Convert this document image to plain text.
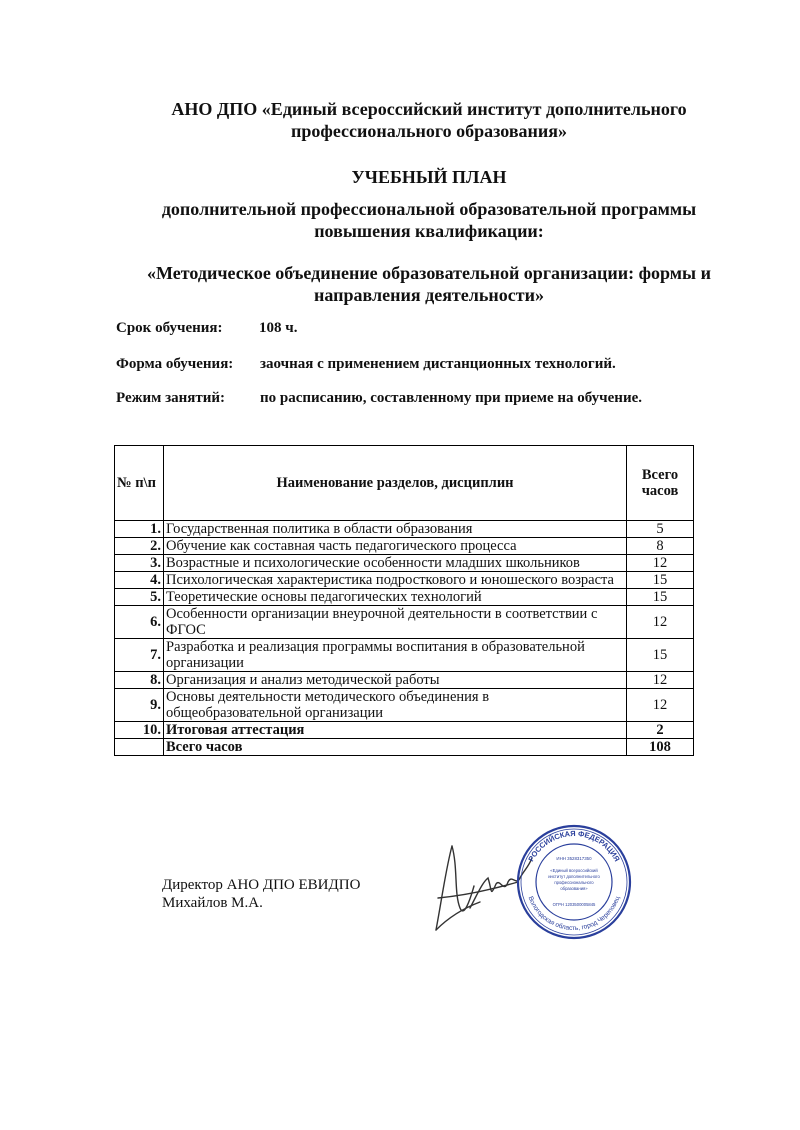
АНО ДПО «Единый всероссийский институт дополнительного
профессионального образования»
УЧЕБНЫЙ ПЛАН
дополнительной профессиональной образовательной программы
повышения квалификации:
«Методическое объединение образовательной организации: формы и
направления деятельности»
Срок обучения: 108 ч.
Форма обучения: заочная с применением дистанционных технологий.
Режим занятий: по расписанию, составленному при приеме на обучение.
№ п\п	Наименование разделов, дисциплин	Всего
часов

1.	Государственная политика в области образования	5
2.	Обучение как составная часть педагогического процесса	8
3.	Возрастные и психологические особенности младших школьников	12
4.	Психологическая характеристика подросткового и юношеского возраста	15
5.	Теоретические основы педагогических технологий	15
6.	Особенности организации внеурочной деятельности в соответствии с ФГОС	12
7.	Разработка и реализация программы воспитания в образовательной организации	15
8.	Организация и анализ методической работы	12
9.	Основы деятельности методического объединения в общеобразовательной организации	12
10.	Итоговая аттестация	2
	Всего часов	108
Директор АНО ДПО ЕВИДПО
Михайлов М.А.
РОССИЙСКАЯ ФЕДЕРАЦИЯ
Вологодская область, город Череповец
ИНН 3528317350
«Единый всероссийский
институт дополнительного
профессионального
образования»
ОГРН 1203500005845
